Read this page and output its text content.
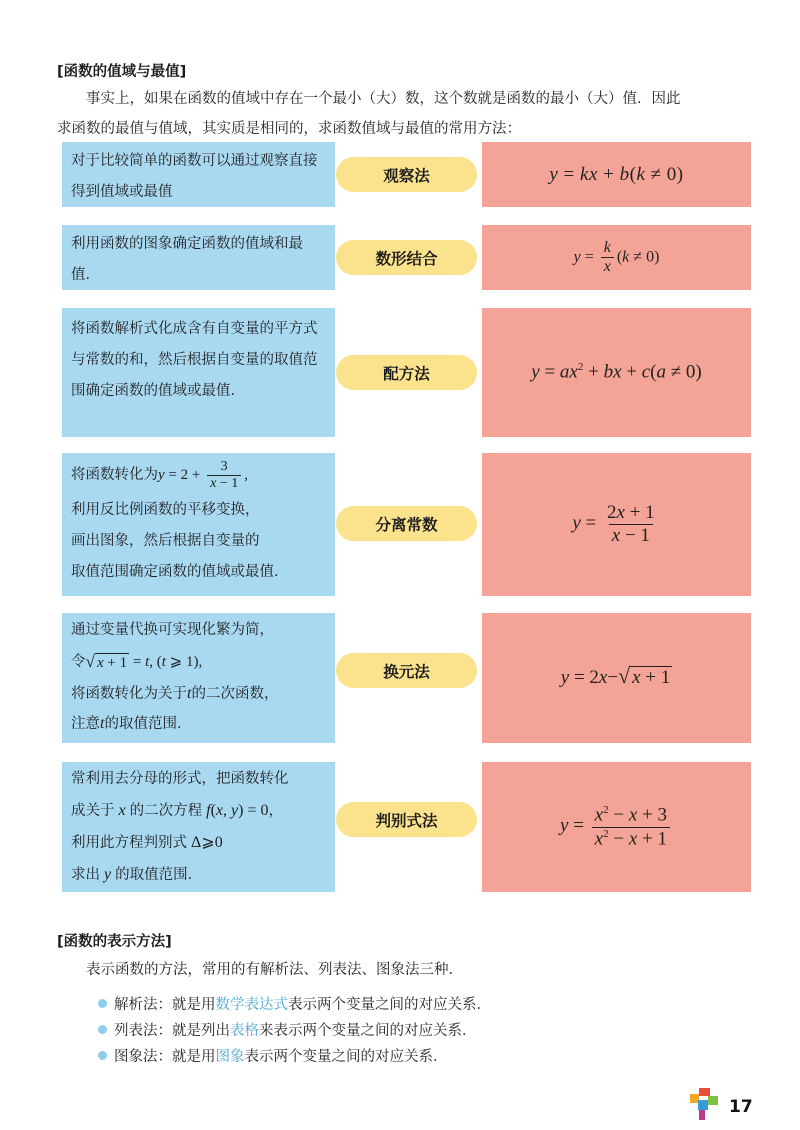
[函数的值域与最值]
事实上，如果在函数的值域中存在一个最小（大）数，这个数就是函数的最小（大）值．因此
求函数的最值与值域，其实质是相同的，求函数值域与最值的常用方法：
对于比较简单的函数可以通过观察直接得到值域或最值
观察法	y = kx + b(k ≠ 0)
利用函数的图象确定函数的值域和最值．
数形结合	$y = \frac{k}{x} (k \ne 0)$
将函数解析式化成含有自变量的平方式与常数的和，然后根据自变量的取值范围确定函数的值域或最值．
配方法	$y = ax^2$ + bx + c(a ≠ 0)
将函数转化为 $y = 2 + \frac{3}{x - 1}$ ,
利用反比例函数的平移变换，
画出图象，然后根据自变量的
取值范围确定函数的值域或最值．
分离常数	$y = \frac{2x + 1}{x - 1}$
通过变量代换可实现化繁为简，
令 √ x + 1 = t, (t ⩾ 1),
将函数转化为关于t的二次函数，
注意t的取值范围．
换元法	y = 2 x − √ x + 1
常利用去分母的形式，把函数转化
成关于 x 的二次方程 f(x, y) = 0，
利用此方程判别式 Δ⩾0
求出 y 的取值范围．
判别式法	$y = \frac{x^2 - x + 3}{x^2 - x + 1}$
[函数的表示方法]
表示函数的方法，常用的有解析法、列表法、图象法三种．
解析法：就是用 数学表达式 表示两个变量之间的对应关系．
列表法：就是列出 表格 来表示两个变量之间的对应关系．
图象法：就是用 图象 表示两个变量之间的对应关系．
17
